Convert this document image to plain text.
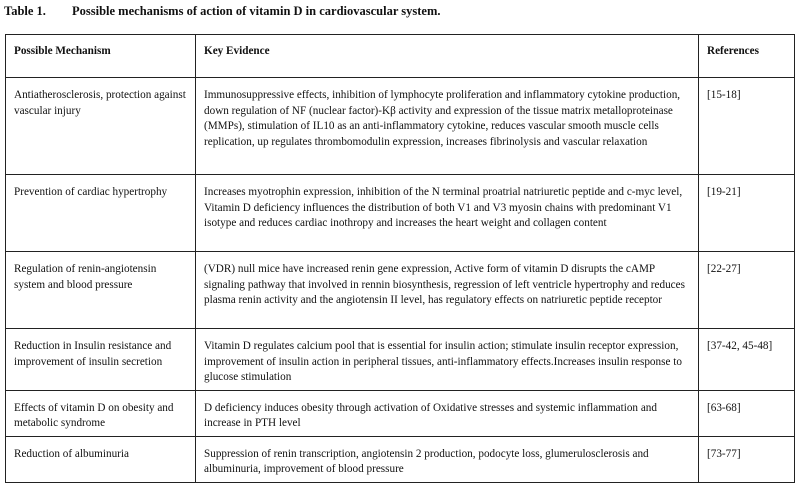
Table 1. Possible mechanisms of action of vitamin D in cardiovascular system.
Possible Mechanism	Key Evidence	References
Antiatherosclerosis, protection against vascular injury	Immunosuppressive effects, inhibition of lymphocyte proliferation and inflammatory cytokine production, down regulation of NF (nuclear factor)-Kβ activity and expression of the tissue matrix metalloproteinase (MMPs), stimulation of IL10 as an anti-inflammatory cytokine, reduces vascular smooth muscle cells replication, up regulates thrombomodulin expression, increases fibrinolysis and vascular relaxation	[15-18]
Prevention of cardiac hypertrophy	Increases myotrophin expression, inhibition of the N terminal proatrial natriuretic peptide and c-myc level, Vitamin D deficiency influences the distribution of both V1 and V3 myosin chains with predominant V1 isotype and reduces cardiac inothropy and increases the heart weight and collagen content	[19-21]
Regulation of renin-angiotensin system and blood pressure	(VDR) null mice have increased renin gene expression, Active form of vitamin D disrupts the cAMP signaling pathway that involved in rennin biosynthesis, regression of left ventricle hypertrophy and reduces plasma renin activity and the angiotensin II level, has regulatory effects on natriuretic peptide receptor	[22-27]
Reduction in Insulin resistance and improvement of insulin secretion	Vitamin D regulates calcium pool that is essential for insulin action; stimulate insulin receptor expression, improvement of insulin action in peripheral tissues, anti-inflammatory effects.Increases insulin response to glucose stimulation	[37-42, 45-48]
Effects of vitamin D on obesity and metabolic syndrome	D deficiency induces obesity through activation of Oxidative stresses and systemic inflammation and increase in PTH level	[63-68]
Reduction of albuminuria	Suppression of renin transcription, angiotensin 2 production, podocyte loss, glumerulosclerosis and albuminuria, improvement of blood pressure	[73-77]
